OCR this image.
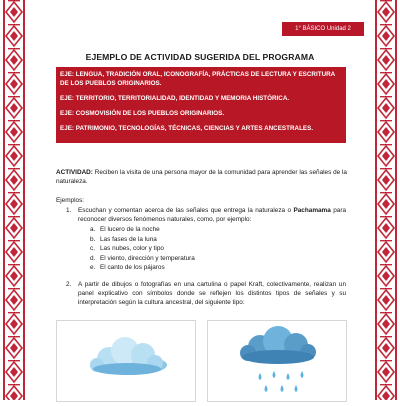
1° BÁSICO Unidad 2
EJEMPLO DE ACTIVIDAD SUGERIDA DEL PROGRAMA
EJE: LENGUA, TRADICIÓN ORAL, ICONOGRAFÍA, PRÁCTICAS DE LECTURA Y ESCRITURA DE LOS PUEBLOS ORIGINARIOS.
EJE: TERRITORIO, TERRITORIALIDAD, IDENTIDAD Y MEMORIA HISTÓRICA.
EJE: COSMOVISIÓN DE LOS PUEBLOS ORIGINARIOS.
EJE: PATRIMONIO, TECNOLOGÍAS, TÉCNICAS, CIENCIAS Y ARTES ANCESTRALES.
ACTIVIDAD: Reciben la visita de una persona mayor de la comunidad para aprender las señales de la naturaleza.
Ejemplos:
1. Escuchan y comentan acerca de las señales que entrega la naturaleza o Pachamama para reconocer diversos fenómenos naturales, como, por ejemplo:
a. El lucero de la noche
b. Las fases de la luna
c. Las nubes, color y tipo
d. El viento, dirección y temperatura
e. El canto de los pájaros
2. A partir de dibujos o fotografías en una cartulina o papel Kraft, colectivamente, realizan un panel explicativo con símbolos donde se reflejen los distintos tipos de señales y su interpretación según la cultura ancestral, del siguiente tipo:
